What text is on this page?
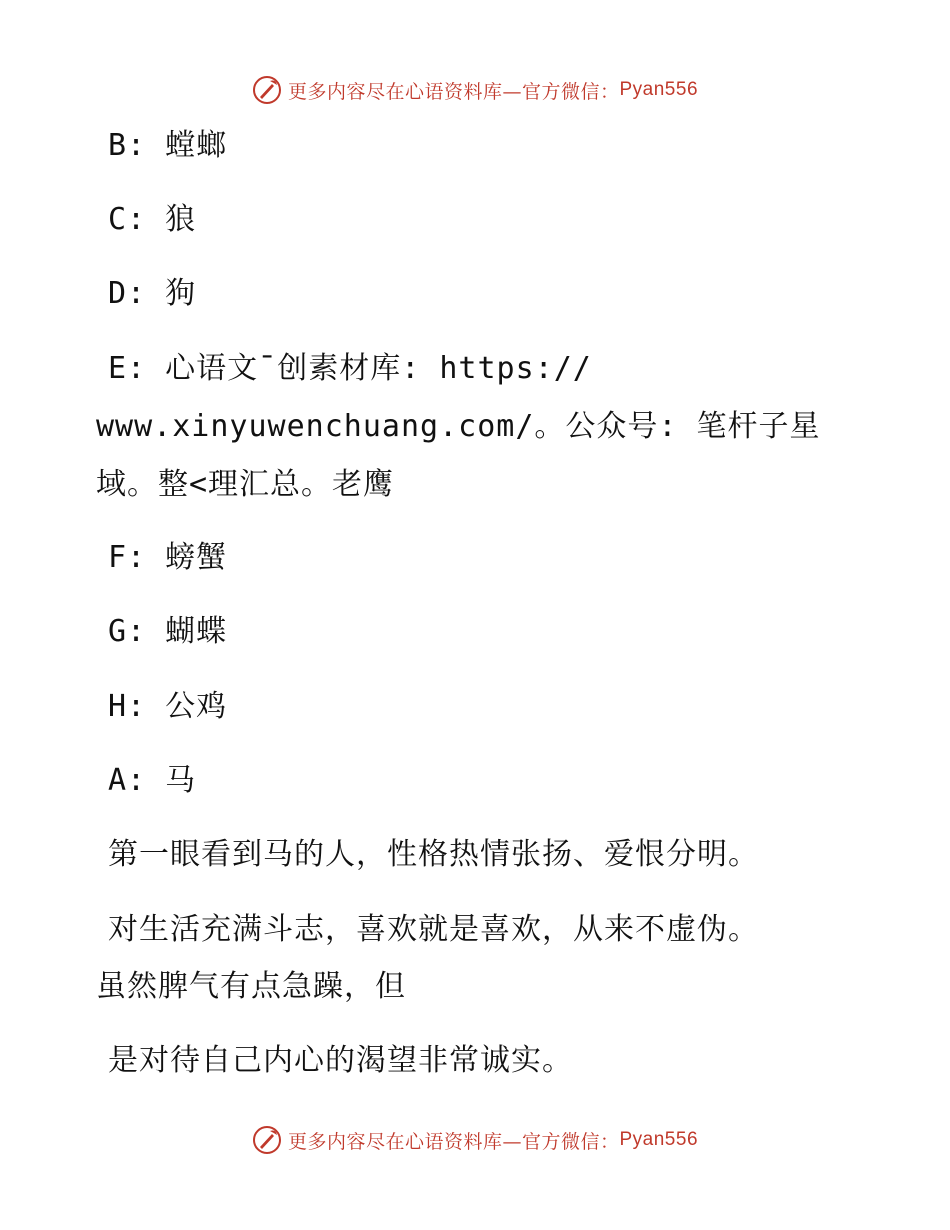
更多内容尽在心语资料库—官方微信： Pyan556
B: 螳螂
C: 狼
D: 狗
E: 心语文¯创素材库: https://
www.xinyuwenchuang.com/。公众号: 笔杆子星
域。整<理汇总。老鹰
F: 螃蟹
G: 蝴蝶
H: 公鸡
A: 马
第一眼看到马的人，性格热情张扬、爱恨分明。
对生活充满斗志，喜欢就是喜欢，从来不虚伪。
虽然脾气有点急躁，但
是对待自己内心的渴望非常诚实。
更多内容尽在心语资料库—官方微信： Pyan556
